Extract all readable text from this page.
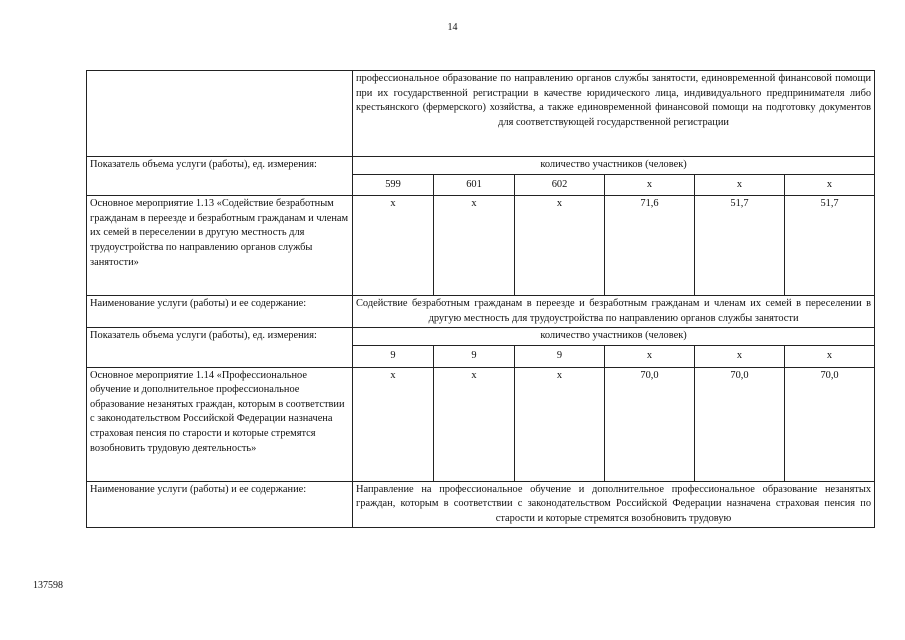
14
	профессиональное образование по направлению органов службы занятости, единовременной финансовой помощи при их государственной регистрации в качестве юридического лица, индивидуального предпринимателя либо крестьянского (фермерского) хозяйства, а также единовременной финансовой помощи на подготовку документов для соответствующей государственной регистрации					
Показатель объема услуги (работы), ед. измерения:	количество участников (человек)					
	599	601	602	х	х	х
Основное мероприятие 1.13 «Содействие безработным гражданам в переезде и безработным гражданам и членам их семей в переселении в другую местность для трудоустройства по направлению органов службы занятости»	х	х	х	71,6	51,7	51,7
Наименование услуги (работы) и ее содержание:	Содействие безработным гражданам в переезде и безработным гражданам и членам их семей в переселении в другую местность для трудоустройства по направлению органов службы занятости					
Показатель объема услуги (работы), ед. измерения:	количество участников (человек)					
	9	9	9	х	х	х
Основное мероприятие 1.14 «Профессиональное обучение и дополнительное профессиональное образование незанятых граждан, которым в соответствии с законодательством Российской Федерации назначена страховая пенсия по старости и которые стремятся возобновить трудовую деятельность»	х	х	х	70,0	70,0	70,0
Наименование услуги (работы) и ее содержание:	Направление на профессиональное обучение и дополнительное профессиональное образование незанятых граждан, которым в соответствии с законодательством Российской Федерации назначена страховая пенсия по старости и которые стремятся возобновить трудовую					
137598
